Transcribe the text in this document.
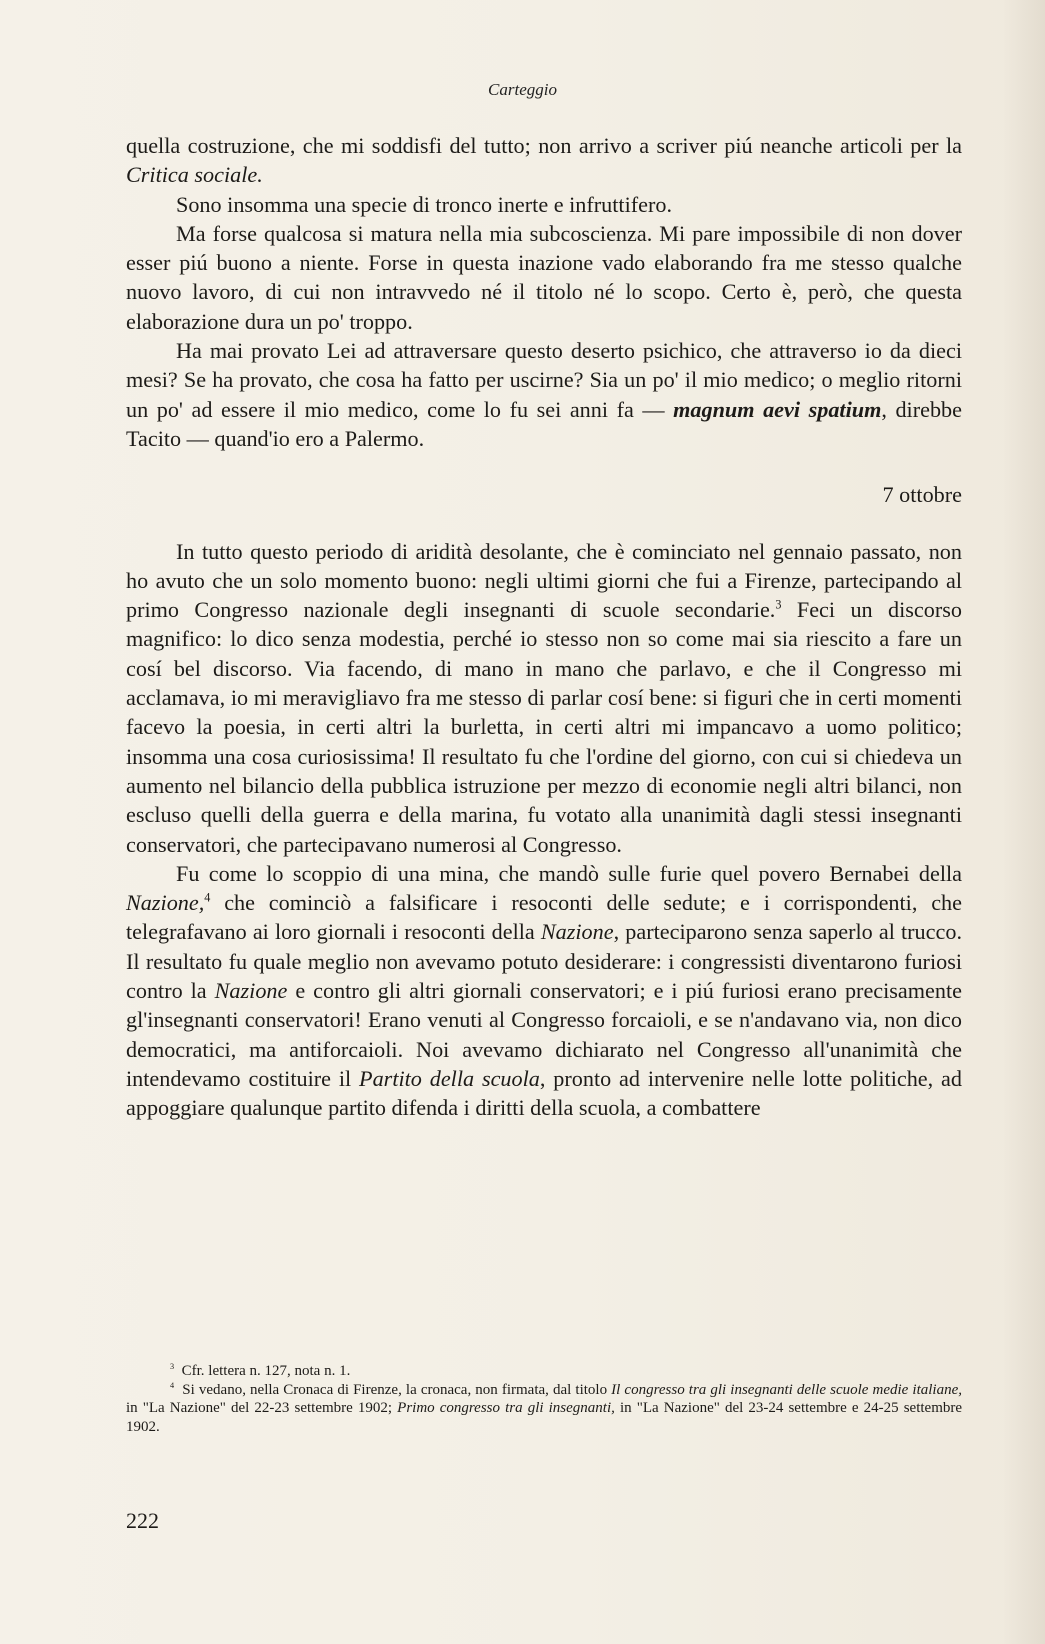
Carteggio

quella costruzione, che mi soddisfi del tutto; non arrivo a scriver piú neanche articoli per la Critica sociale.

Sono insomma una specie di tronco inerte e infruttifero.

Ma forse qualcosa si matura nella mia subcoscienza. Mi pare impossibile di non dover esser piú buono a niente. Forse in questa inazione vado elaborando fra me stesso qualche nuovo lavoro, di cui non intravvedo né il titolo né lo scopo. Certo è, però, che questa elaborazione dura un po' troppo.

Ha mai provato Lei ad attraversare questo deserto psichico, che attraverso io da dieci mesi? Se ha provato, che cosa ha fatto per uscirne? Sia un po' il mio medico; o meglio ritorni un po' ad essere il mio medico, come lo fu sei anni fa — magnum aevi spatium, direbbe Tacito — quand'io ero a Palermo.

7 ottobre

In tutto questo periodo di aridità desolante, che è cominciato nel gennaio passato, non ho avuto che un solo momento buono: negli ultimi giorni che fui a Firenze, partecipando al primo Congresso nazionale degli insegnanti di scuole secondarie.$^3$ Feci un discorso magnifico: lo dico senza modestia, perché io stesso non so come mai sia riescito a fare un cosí bel discorso. Via facendo, di mano in mano che parlavo, e che il Congresso mi acclamava, io mi meravigliavo fra me stesso di parlar cosí bene: si figuri che in certi momenti facevo la poesia, in certi altri la burletta, in certi altri mi impancavo a uomo politico; insomma una cosa curiosissima! Il resultato fu che l'ordine del giorno, con cui si chiedeva un aumento nel bilancio della pubblica istruzione per mezzo di economie negli altri bilanci, non escluso quelli della guerra e della marina, fu votato alla unanimità dagli stessi insegnanti conservatori, che partecipavano numerosi al Congresso.

Fu come lo scoppio di una mina, che mandò sulle furie quel povero Bernabei della Nazione,$^4$ che cominciò a falsificare i resoconti delle sedute; e i corrispondenti, che telegrafavano ai loro giornali i resoconti della Nazione, parteciparono senza saperlo al trucco. Il resultato fu quale meglio non avevamo potuto desiderare: i congressisti diventarono furiosi contro la Nazione e contro gli altri giornali conservatori; e i piú furiosi erano precisamente gl'insegnanti conservatori! Erano venuti al Congresso forcaioli, e se n'andavano via, non dico democratici, ma antiforcaioli. Noi avevamo dichiarato nel Congresso all'unanimità che intendevamo costituire il Partito della scuola, pronto ad intervenire nelle lotte politiche, ad appoggiare qualunque partito difenda i diritti della scuola, a combattere

$^3$ Cfr. lettera n. 127, nota n. 1.

$^4$ Si vedano, nella Cronaca di Firenze, la cronaca, non firmata, dal titolo Il congresso tra gli insegnanti delle scuole medie italiane, in "La Nazione" del 22-23 settembre 1902; Primo congresso tra gli insegnanti, in "La Nazione" del 23-24 settembre e 24-25 settembre 1902.

222
